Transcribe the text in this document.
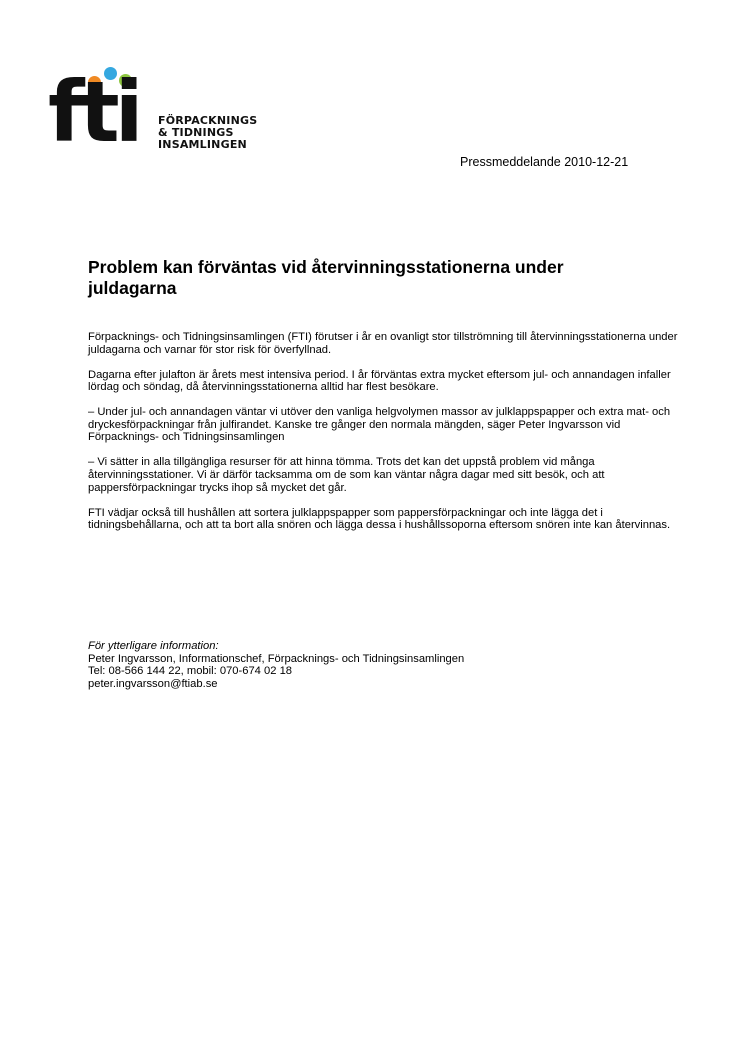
fti FÖRPACKNINGS
& TIDNINGS
INSAMLINGEN
Pressmeddelande 2010-12-21
Problem kan förväntas vid återvinningsstationerna under juldagarna

Förpacknings- och Tidningsinsamlingen (FTI) förutser i år en ovanligt stor tillströmning till återvinningsstationerna under juldagarna och varnar för stor risk för överfyllnad.

Dagarna efter julafton är årets mest intensiva period. I år förväntas extra mycket eftersom jul- och annandagen infaller lördag och söndag, då återvinningsstationerna alltid har flest besökare.

– Under jul- och annandagen väntar vi utöver den vanliga helgvolymen massor av julklappspapper och extra mat- och dryckesförpackningar från julfirandet. Kanske tre gånger den normala mängden, säger Peter Ingvarsson vid Förpacknings- och Tidningsinsamlingen

– Vi sätter in alla tillgängliga resurser för att hinna tömma. Trots det kan det uppstå problem vid många återvinningsstationer. Vi är därför tacksamma om de som kan väntar några dagar med sitt besök, och att pappersförpackningar trycks ihop så mycket det går.

FTI vädjar också till hushållen att sortera julklappspapper som pappersförpackningar och inte lägga det i tidningsbehållarna, och att ta bort alla snören och lägga dessa i hushållssoporna eftersom snören inte kan återvinnas.

För ytterligare information:
Peter Ingvarsson, Informationschef, Förpacknings- och Tidningsinsamlingen
Tel: 08-566 144 22, mobil: 070-674 02 18
peter.ingvarsson@ftiab.se
